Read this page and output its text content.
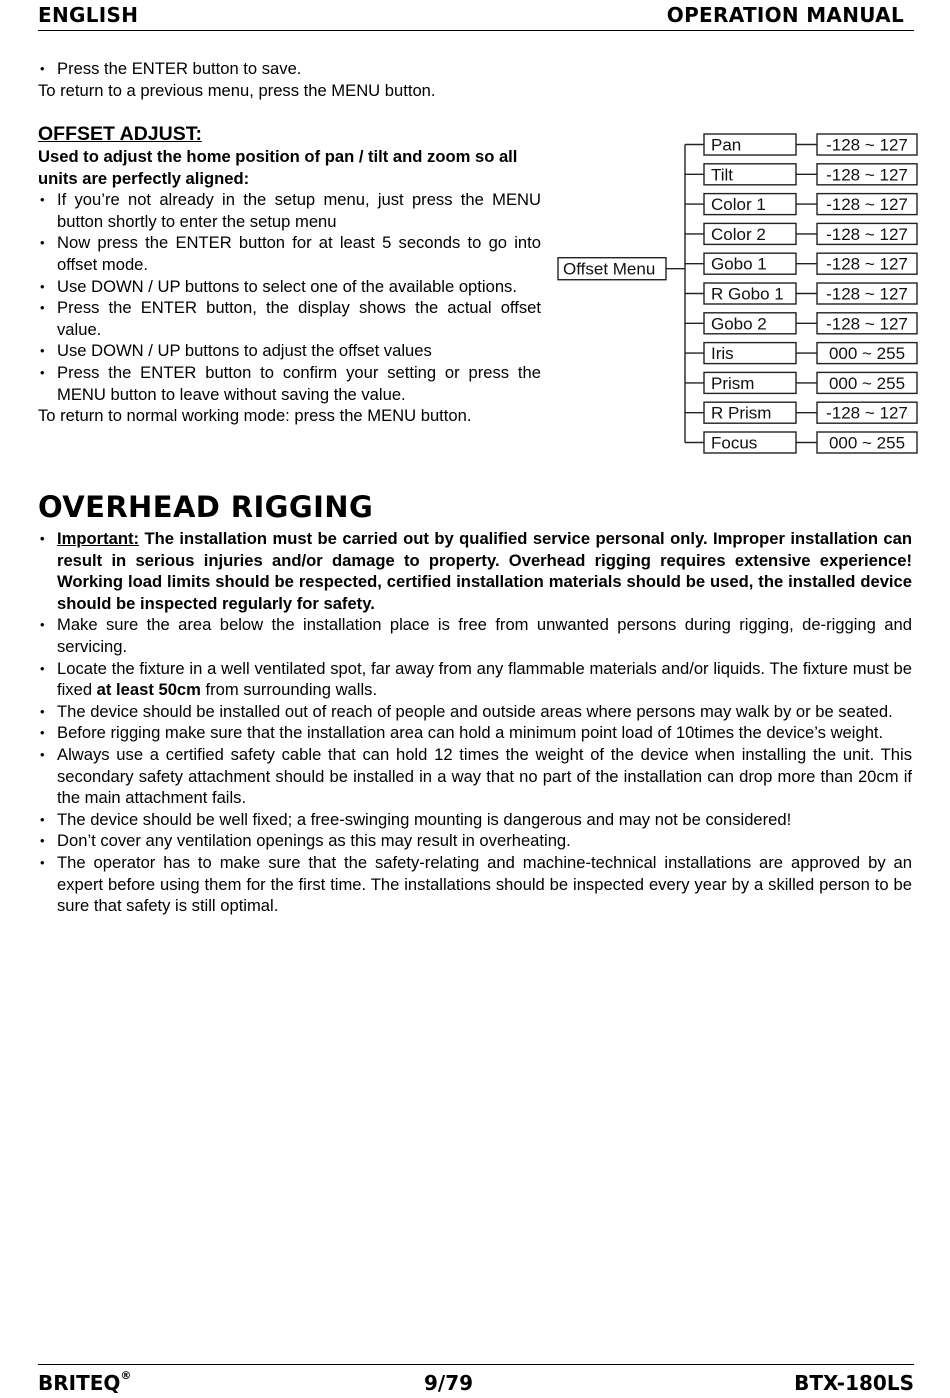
ENGLISH	OPERATION MANUAL
• Press the ENTER button to save.

To return to a previous menu, press the MENU button.

OFFSET ADJUST:

Used to adjust the home position of pan / tilt and zoom so all units are perfectly aligned:

• If you’re not already in the setup menu, just press the MENU button shortly to enter the setup menu
• Now press the ENTER button for at least 5 seconds to go into offset mode.
• Use DOWN / UP buttons to select one of the available options.
• Press the ENTER button, the display shows the actual offset value.
• Use DOWN / UP buttons to adjust the offset values
• Press the ENTER button to confirm your setting or press the MENU button to leave without saving the value.

To return to normal working mode: press the MENU button.

Offset Menu
Pan	-128 ~ 127
Tilt	-128 ~ 127
Color 1	-128 ~ 127
Color 2	-128 ~ 127
Gobo 1	-128 ~ 127
R Gobo 1 -128 ~ 127
Gobo 2	-128 ~ 127
Iris	000 ~ 255
Prism	000 ~ 255
R Prism	-128 ~ 127
Focus	000 ~ 255
OVERHEAD RIGGING
• Important: The installation must be carried out by qualified service personal only. Improper installation can result in serious injuries and/or damage to property. Overhead rigging requires extensive experience! Working load limits should be respected, certified installation materials should be used, the installed device should be inspected regularly for safety.
• Make sure the area below the installation place is free from unwanted persons during rigging, de-rigging and servicing.
• Locate the fixture in a well ventilated spot, far away from any flammable materials and/or liquids. The fixture must be fixed at least 50cm from surrounding walls.
• The device should be installed out of reach of people and outside areas where persons may walk by or be seated.
• Before rigging make sure that the installation area can hold a minimum point load of 10times the device’s weight.
• Always use a certified safety cable that can hold 12 times the weight of the device when installing the unit. This secondary safety attachment should be installed in a way that no part of the installation can drop more than 20cm if the main attachment fails.
• The device should be well fixed; a free-swinging mounting is dangerous and may not be considered!
• Don’t cover any ventilation openings as this may result in overheating.
• The operator has to make sure that the safety-relating and machine-technical installations are approved by an expert before using them for the first time. The installations should be inspected every year by a skilled person to be sure that safety is still optimal.
BRITEQ®	9/79	BTX-180LS
